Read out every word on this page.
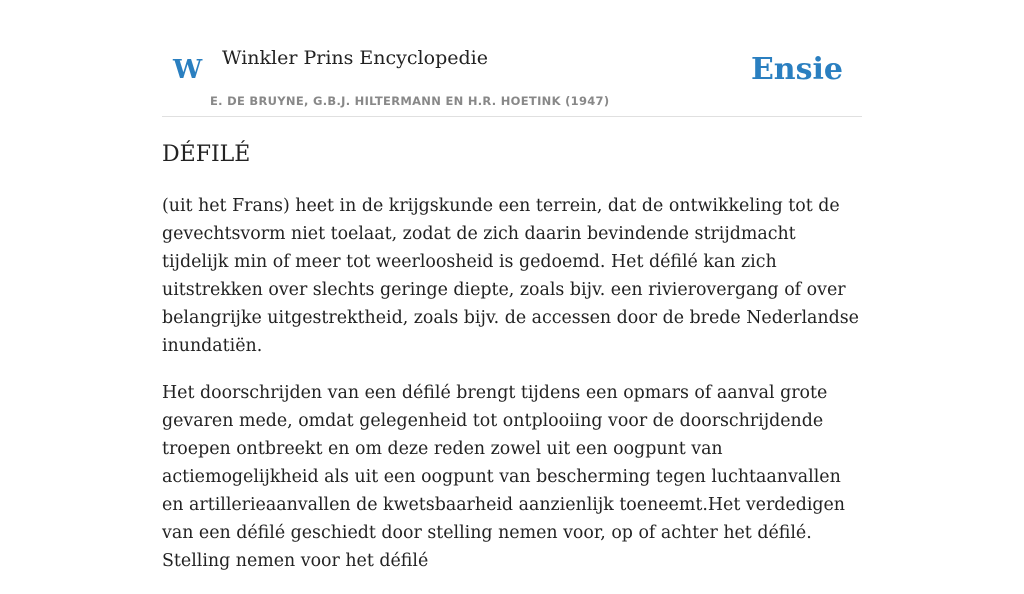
W Winkler Prins Encyclopedie
E. DE BRUYNE, G.B.J. HILTERMANN EN H.R. HOETINK (1947)
Ensie
DÉFILÉ

(uit het Frans) heet in de krijgskunde een terrein, dat de ontwikkeling tot de gevechtsvorm niet toelaat, zodat de zich daarin bevindende strijdmacht tijdelijk min of meer tot weerloosheid is gedoemd. Het défilé kan zich uitstrekken over slechts geringe diepte, zoals bijv. een rivierovergang of over belangrijke uitgestrektheid, zoals bijv. de accessen door de brede Nederlandse inundatiën.

Het doorschrijden van een défilé brengt tijdens een opmars of aanval grote gevaren mede, omdat gelegenheid tot ontplooiing voor de doorschrijdende troepen ontbreekt en om deze reden zowel uit een oogpunt van actiemogelijkheid als uit een oogpunt van bescherming tegen luchtaanvallen en artillerieaanvallen de kwetsbaarheid aanzienlijk toeneemt.Het verdedigen van een défilé geschiedt door stelling nemen voor, op of achter het défilé. Stelling nemen voor het défilé
